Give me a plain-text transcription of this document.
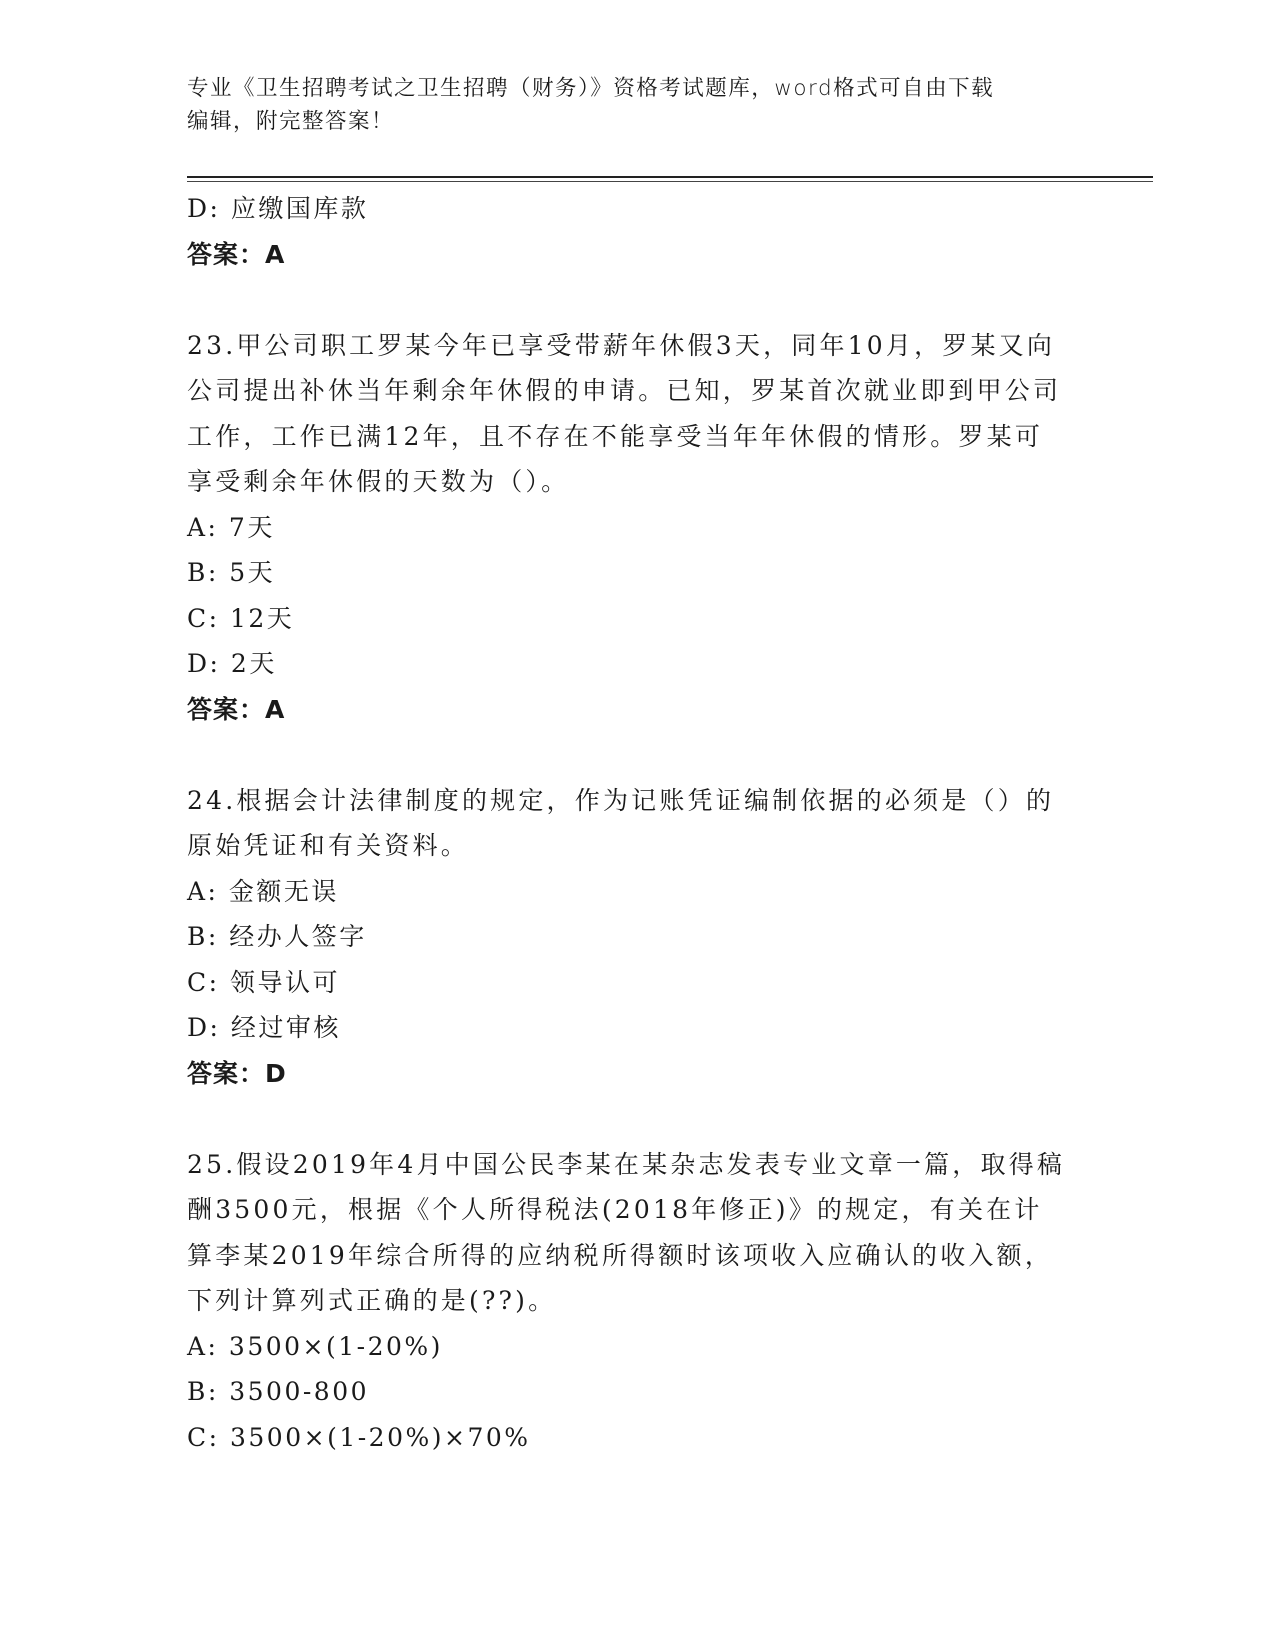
专业《卫生招聘考试之卫生招聘（财务）》资格考试题库，word格式可自由下载
编辑，附完整答案！
D: 应缴国库款
答案：A
23.甲公司职工罗某今年已享受带薪年休假3天，同年10月，罗某又向公司提出补休当年剩余年休假的申请。已知，罗某首次就业即到甲公司工作，工作已满12年，且不存在不能享受当年年休假的情形。罗某可享受剩余年休假的天数为（）。
A: 7天
B: 5天
C: 12天
D: 2天
答案：A
24.根据会计法律制度的规定，作为记账凭证编制依据的必须是（）的原始凭证和有关资料。
A: 金额无误
B: 经办人签字
C: 领导认可
D: 经过审核
答案：D
25.假设2019年4月中国公民李某在某杂志发表专业文章一篇，取得稿酬3500元，根据《个人所得税法(2018年修正)》的规定，有关在计算李某2019年综合所得的应纳税所得额时该项收入应确认的收入额，下列计算列式正确的是(??)。
A: 3500×(1-20%)
B: 3500-800
C: 3500×(1-20%)×70%
